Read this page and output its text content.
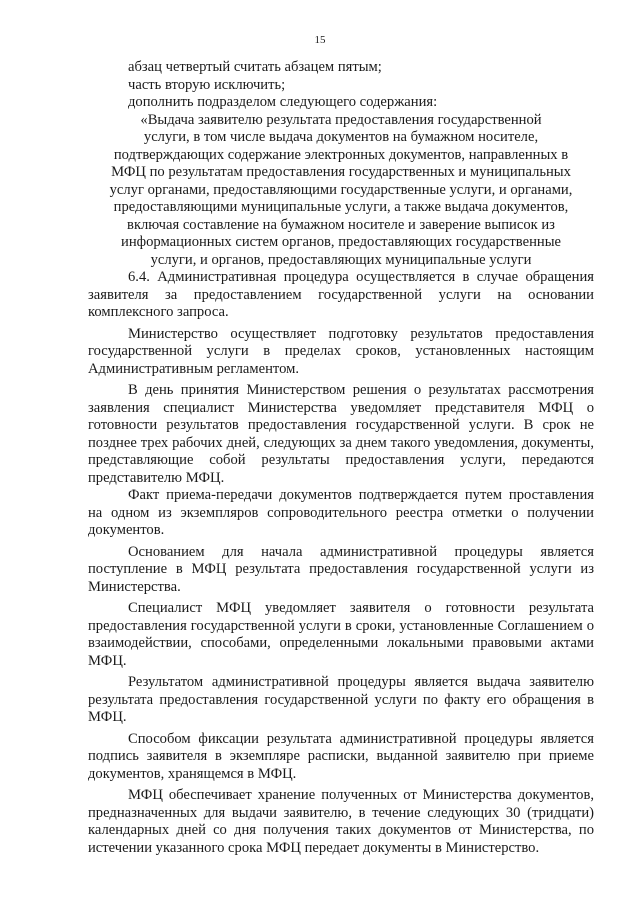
15

абзац четвертый считать абзацем пятым;

часть вторую исключить;

дополнить подразделом следующего содержания:

«Выдача заявителю результата предоставления государственной

услуги, в том числе выдача документов на бумажном носителе,

подтверждающих содержание электронных документов, направленных в

МФЦ по результатам предоставления государственных и муниципальных

услуг органами, предоставляющими государственные услуги, и органами,

предоставляющими муниципальные услуги, а также выдача документов,

включая составление на бумажном носителе и заверение выписок из

информационных систем органов, предоставляющих государственные

услуги, и органов, предоставляющих муниципальные услуги

6.4. Административная процедура осуществляется в случае обращения заявителя за предоставлением государственной услуги на основании комплексного запроса.

Министерство осуществляет подготовку результатов предоставления государственной услуги в пределах сроков, установленных настоящим Административным регламентом.

В день принятия Министерством решения о результатах рассмотрения заявления специалист Министерства уведомляет представителя МФЦ о готовности результатов предоставления государственной услуги. В срок не позднее трех рабочих дней, следующих за днем такого уведомления, документы, представляющие собой результаты предоставления услуги, передаются представителю МФЦ.

Факт приема-передачи документов подтверждается путем проставления на одном из экземпляров сопроводительного реестра отметки о получении документов.

Основанием для начала административной процедуры является поступление в МФЦ результата предоставления государственной услуги из Министерства.

Специалист МФЦ уведомляет заявителя о готовности результата предоставления государственной услуги в сроки, установленные Соглашением о взаимодействии, способами, определенными локальными правовыми актами МФЦ.

Результатом административной процедуры является выдача заявителю результата предоставления государственной услуги по факту его обращения в МФЦ.

Способом фиксации результата административной процедуры является подпись заявителя в экземпляре расписки, выданной заявителю при приеме документов, хранящемся в МФЦ.

МФЦ обеспечивает хранение полученных от Министерства документов, предназначенных для выдачи заявителю, в течение следующих 30 (тридцати) календарных дней со дня получения таких документов от Министерства, по истечении указанного срока МФЦ передает документы в Министерство.
